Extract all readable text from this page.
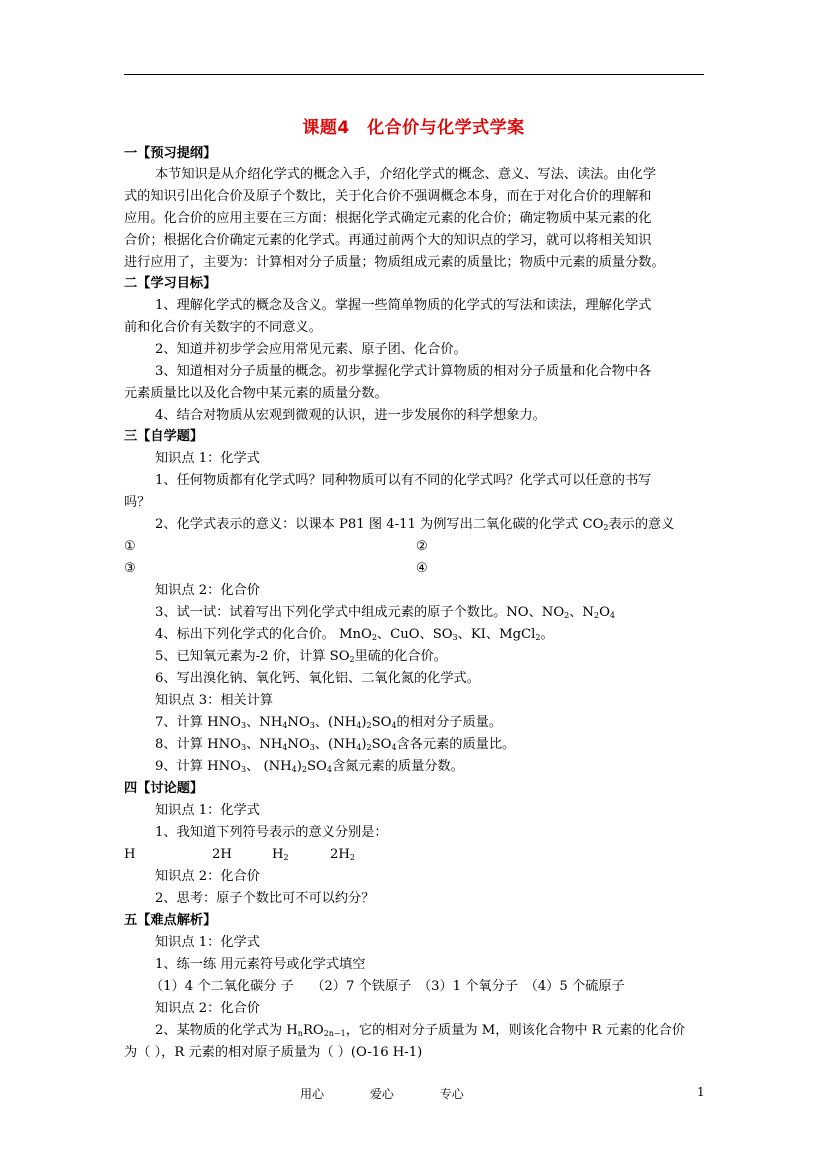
课题4　化合价与化学式学案
一【预习提纲】
本节知识是从介绍化学式的概念入手，介绍化学式的概念、意义、写法、读法。由化学
式的知识引出化合价及原子个数比，关于化合价不强调概念本身，而在于对化合价的理解和
应用。化合价的应用主要在三方面：根据化学式确定元素的化合价；确定物质中某元素的化
合价；根据化合价确定元素的化学式。再通过前两个大的知识点的学习，就可以将相关知识
进行应用了，主要为：计算相对分子质量；物质组成元素的质量比；物质中元素的质量分数。
二【学习目标】
1、理解化学式的概念及含义。掌握一些简单物质的化学式的写法和读法，理解化学式
前和化合价有关数字的不同意义。
2、知道并初步学会应用常见元素、原子团、化合价。
3、知道相对分子质量的概念。初步掌握化学式计算物质的相对分子质量和化合物中各
元素质量比以及化合物中某元素的质量分数。
4、结合对物质从宏观到微观的认识，进一步发展你的科学想象力。
三【自学题】
知识点 1：化学式
1、任何物质都有化学式吗？同种物质可以有不同的化学式吗？化学式可以任意的书写
吗？
2、化学式表示的意义：以课本 P81 图 4-11 为例写出二氧化碳的化学式 $CO_2$表示的意义
①	②
③	④
知识点 2：化合价
3、试一试：试着写出下列化学式中组成元素的原子个数比。NO、$NO_2$、$N_2O_4$
4、标出下列化学式的化合价。 MnO$_2$、CuO、$SO_3$、KI、MgCl$_2$。
5、已知氧元素为-2 价，计算 $SO_2$里硫的化合价。
6、写出溴化钠、氧化钙、氧化铝、二氧化氮的化学式。
知识点 3：相关计算
7、计算 $HNO_3$、$NH_4NO_3$、$(NH_4)_2SO_4$的相对分子质量。
8、计算 $HNO_3$、$NH_4NO_3$、$(NH_4)_2SO_4$含各元素的质量比。
9、计算 $HNO_3$、 $(NH_4)_2SO_4$含氮元素的质量分数。
四【讨论题】
知识点 1：化学式
1、我知道下列符号表示的意义分别是：
H	2H	$H_2$	$2H_2$
知识点 2：化合价
2、思考：原子个数比可不可以约分？
五【难点解析】
知识点 1：化学式
1、练一练 用元素符号或化学式填空
（1）4 个二氧化碳分 子　 （2）7 个铁原子　（3）1 个氧分子　（4）5 个硫原子
知识点 2：化合价
2、某物质的化学式为 $H_nRO_{2n-1}$，它的相对分子质量为 M，则该化合物中 R 元素的化合价
为（ ），R 元素的相对原子质量为（ ）(O-16 H-1)
用心	爱心	专心	1
